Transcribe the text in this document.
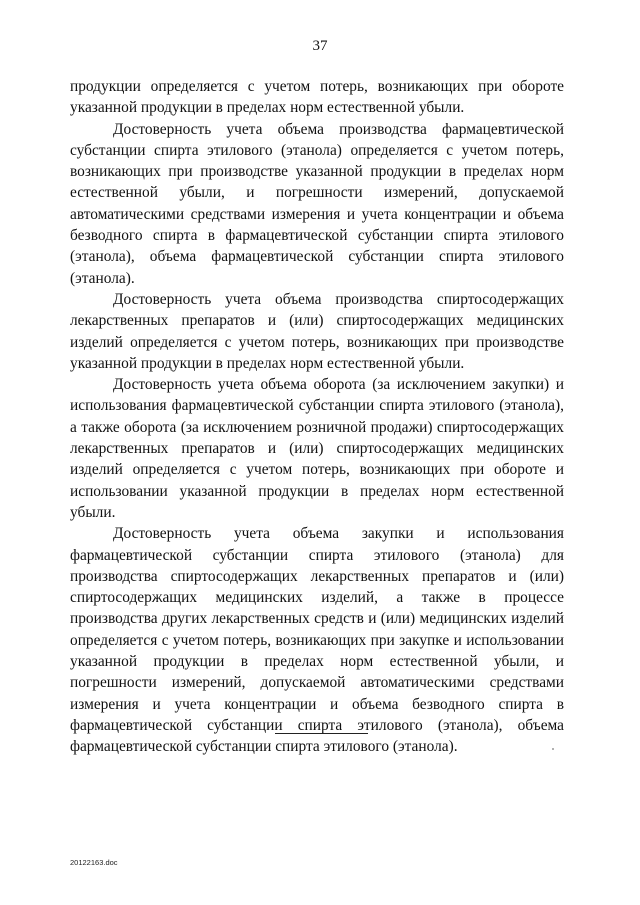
37

продукции определяется с учетом потерь, возникающих при обороте указанной продукции в пределах норм естественной убыли.

Достоверность учета объема производства фармацевтической субстанции спирта этилового (этанола) определяется с учетом потерь, возникающих при производстве указанной продукции в пределах норм естественной убыли, и погрешности измерений, допускаемой автоматическими средствами измерения и учета концентрации и объема безводного спирта в фармацевтической субстанции спирта этилового (этанола), объема фармацевтической субстанции спирта этилового (этанола).

Достоверность учета объема производства спиртосодержащих лекарственных препаратов и (или) спиртосодержащих медицинских изделий определяется с учетом потерь, возникающих при производстве указанной продукции в пределах норм естественной убыли.

Достоверность учета объема оборота (за исключением закупки) и использования фармацевтической субстанции спирта этилового (этанола), а также оборота (за исключением розничной продажи) спиртосодержащих лекарственных препаратов и (или) спиртосодержащих медицинских изделий определяется с учетом потерь, возникающих при обороте и использовании указанной продукции в пределах норм естественной убыли.

Достоверность учета объема закупки и использования фармацевтической субстанции спирта этилового (этанола) для производства спиртосодержащих лекарственных препаратов и (или) спиртосодержащих медицинских изделий, а также в процессе производства других лекарственных средств и (или) медицинских изделий определяется с учетом потерь, возникающих при закупке и использовании указанной продукции в пределах норм естественной убыли, и погрешности измерений, допускаемой автоматическими средствами измерения и учета концентрации и объема безводного спирта в фармацевтической субстанции спирта этилового (этанола), объема фармацевтической субстанции спирта этилового (этанола).

20122163.doc
